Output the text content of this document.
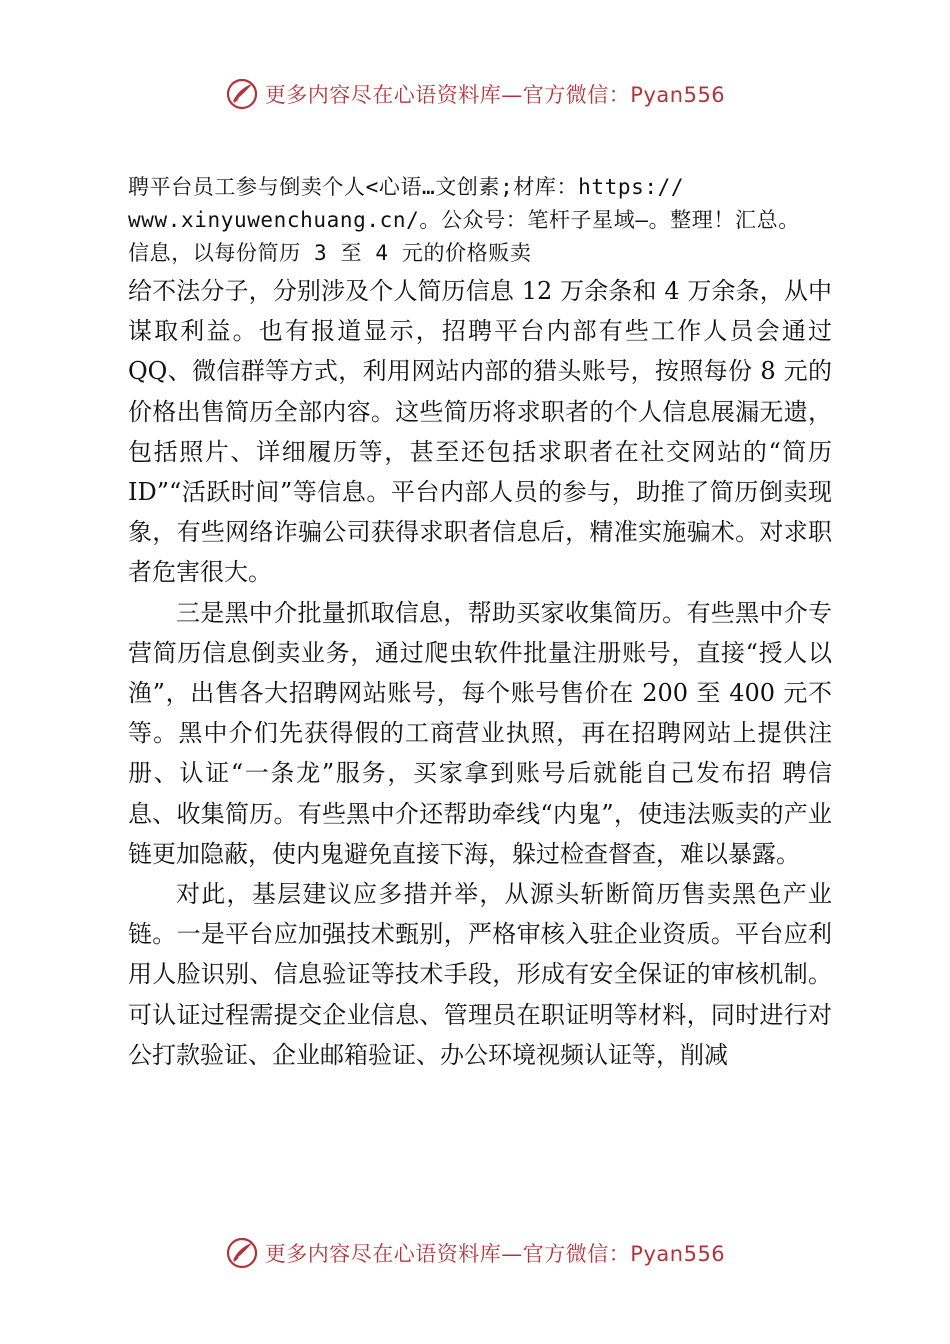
更多内容尽在心语资料库—官方微信：Pyan556

聘平台员工参与倒卖个人<心语…文创素;材库：https://

www.xinyuwenchuang.cn/。公众号：笔杆子星域—。整理！汇总。

信息，以每份简历 3 至 4 元的价格贩卖

给不法分子，分别涉及个人简历信息 12 万余条和 4 万余条，从中谋取利益。也有报道显示，招聘平台内部有些工作人员会通过 QQ、微信群等方式，利用网站内部的猎头账号，按照每份 8 元的价格出售简历全部内容。这些简历将求职者的个人信息展漏无遗，包括照片、详细履历等，甚至还包括求职者在社交网站的“简历 ID”“活跃时间”等信息。平台内部人员的参与，助推了简历倒卖现象，有些网络诈骗公司获得求职者信息后，精准实施骗术。对求职者危害很大。

三是黑中介批量抓取信息，帮助买家收集简历。有些黑中介专营简历信息倒卖业务，通过爬虫软件批量注册账号，直接“授人以渔”，出售各大招聘网站账号，每个账号售价在 200 至 400 元不等。黑中介们先获得假的工商营业执照，再在招聘网站上提供注册、认证“一条龙”服务，买家拿到账号后就能自己发布招 聘信息、收集简历。有些黑中介还帮助牵线“内鬼”，使违法贩卖的产业链更加隐蔽，使内鬼避免直接下海，躲过检查督查，难以暴露。

对此，基层建议应多措并举，从源头斩断简历售卖黑色产业链。一是平台应加强技术甄别，严格审核入驻企业资质。平台应利用人脸识别、信息验证等技术手段，形成有安全保证的审核机制。可认证过程需提交企业信息、管理员在职证明等材料，同时进行对公打款验证、企业邮箱验证、办公环境视频认证等，削减

更多内容尽在心语资料库—官方微信：Pyan556
